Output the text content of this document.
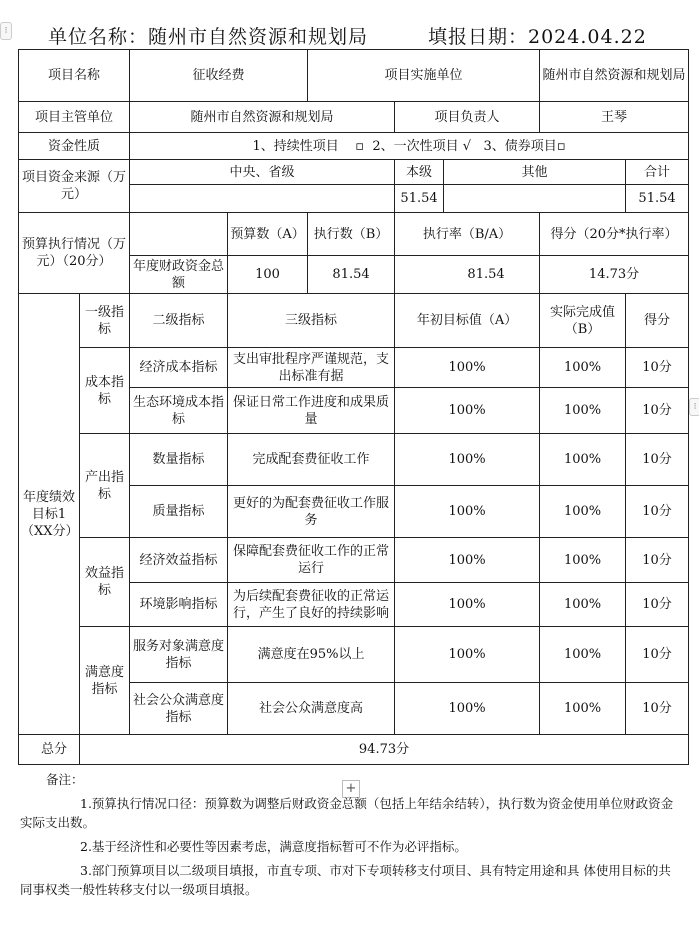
单位名称：随州市自然资源和规划局	填报日期：2024.04.22
⁝
⁝
项目名称		征收经费		项目实施单位			随州市自然资源和规划局	
项目主管单位		随州市自然资源和规划局			项目负责人		王琴	
资金性质		1、持续性项目    ▫  2、一次性项目 √   3、债券项目▫						
项目资金来源（万元）		中央、省级			本级	其他		合计
					51.54			51.54
预算执行情况（万元）（20分）			预算数（A）	执行数（B）	执行率（B/A）		得分（20分*执行率）	
		年度财政资金总额	100	81.54	81.54		14.73分	
年度绩效目标1（XX分）	一级指标	二级指标	三级指标		年初目标值（A）		实际完成值（B）	得分
	成本指标	经济成本指标	支出审批程序严谨规范，支出标准有据		100%		100%	10分
		生态环境成本指标	保证日常工作进度和成果质量		100%		100%	10分
	产出指标	数量指标	完成配套费征收工作		100%		100%	10分
		质量指标	更好的为配套费征收工作服务		100%		100%	10分
	效益指标	经济效益指标	保障配套费征收工作的正常运行		100%		100%	10分
		环境影响指标	为后续配套费征收的正常运行，产生了良好的持续影响		100%		100%	10分
	满意度指标	服务对象满意度指标	满意度在95%以上		100%		100%	10分
		社会公众满意度指标	社会公众满意度高		100%		100%	10分
总分	94.73分							
+

备注：

1.预算执行情况口径：预算数为调整后财政资金总额（包括上年结余结转），执行数为资金使用单位财政资金实际支出数。

2.基于经济性和必要性等因素考虑，满意度指标暂可不作为必评指标。

3.部门预算项目以二级项目填报，市直专项、市对下专项转移支付项目、具有特定用途和具 体使用目标的共同事权类一般性转移支付以一级项目填报。
